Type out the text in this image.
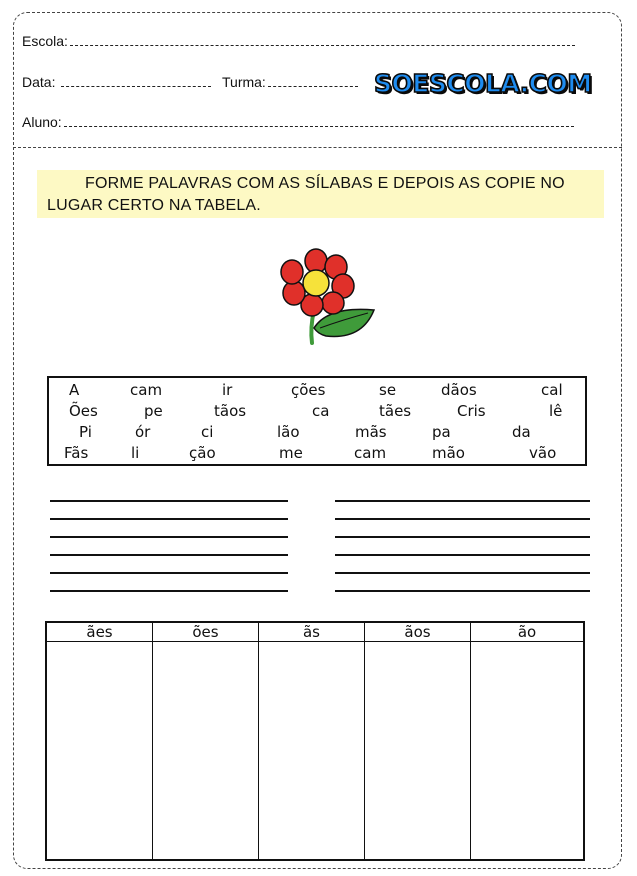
Escola:
Data:	Turma:
Aluno:
SOESCOLA.COM
FORME PALAVRAS COM AS SÍLABAS E DEPOIS AS COPIE NO LUGAR CERTO NA TABELA.
A	cam	ir	ções	se	dãos	cal
Ões	pe	tãos	ca	tães	Cris	lê
Pi	ór	ci	lão	mãs	pa	da
Fãs	li	ção	me	cam	mão	vão
ães	ões	ãs	ãos	ão
